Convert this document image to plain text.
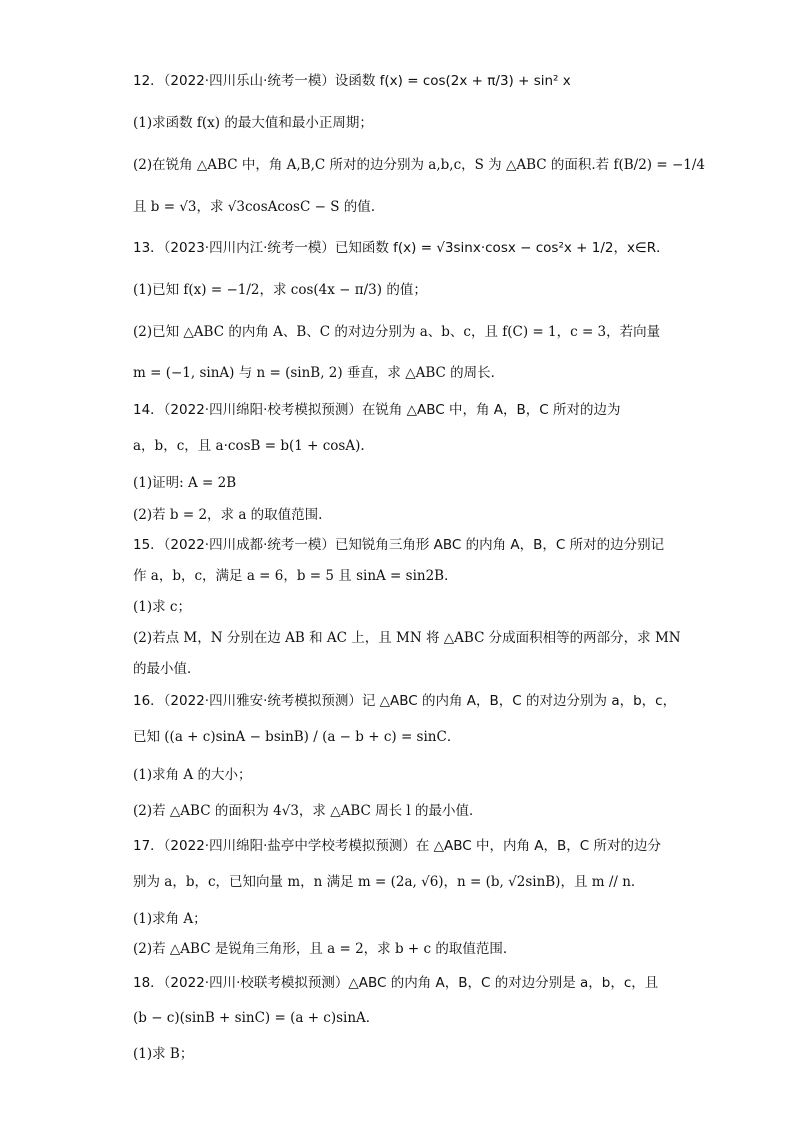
12．（2022·四川乐山·统考一模）设函数 f(x) = cos(2x + π/3) + sin² x
(1)求函数 f(x) 的最大值和最小正周期；
(2)在锐角 △ABC 中，角 A,B,C 所对的边分别为 a,b,c，S 为 △ABC 的面积.若 f(B/2) = −1/4
且 b = √3，求 √3cosAcosC − S 的值.
13．（2023·四川内江·统考一模）已知函数 f(x) = √3sinx·cosx − cos²x + 1/2，x∈R．
(1)已知 f(x) = −1/2，求 cos(4x − π/3) 的值；
(2)已知 △ABC 的内角 A、B、C 的对边分别为 a、b、c，且 f(C) = 1，c = 3，若向量
m = (−1, sinA) 与 n = (sinB, 2) 垂直，求 △ABC 的周长．
14．（2022·四川绵阳·校考模拟预测）在锐角 △ABC 中，角 A，B，C 所对的边为
a，b，c，且 a·cosB = b(1 + cosA).
(1)证明: A = 2B
(2)若 b = 2，求 a 的取值范围.
15．（2022·四川成都·统考一模）已知锐角三角形 ABC 的内角 A，B，C 所对的边分别记
作 a，b，c，满足 a = 6，b = 5 且 sinA = sin2B．
(1)求 c；
(2)若点 M，N 分别在边 AB 和 AC 上，且 MN 将 △ABC 分成面积相等的两部分，求 MN
的最小值．
16．（2022·四川雅安·统考模拟预测）记 △ABC 的内角 A，B，C 的对边分别为 a，b，c，
已知 ((a + c)sinA − bsinB) / (a − b + c) = sinC．
(1)求角 A 的大小；
(2)若 △ABC 的面积为 4√3，求 △ABC 周长 l 的最小值．
17．（2022·四川绵阳·盐亭中学校考模拟预测）在 △ABC 中，内角 A，B，C 所对的边分
别为 a，b，c，已知向量 m，n 满足 m = (2a, √6)，n = (b, √2sinB)，且 m // n．
(1)求角 A；
(2)若 △ABC 是锐角三角形，且 a = 2，求 b + c 的取值范围．
18．（2022·四川·校联考模拟预测）△ABC 的内角 A，B，C 的对边分别是 a，b，c，且
(b − c)(sinB + sinC) = (a + c)sinA．
(1)求 B；
